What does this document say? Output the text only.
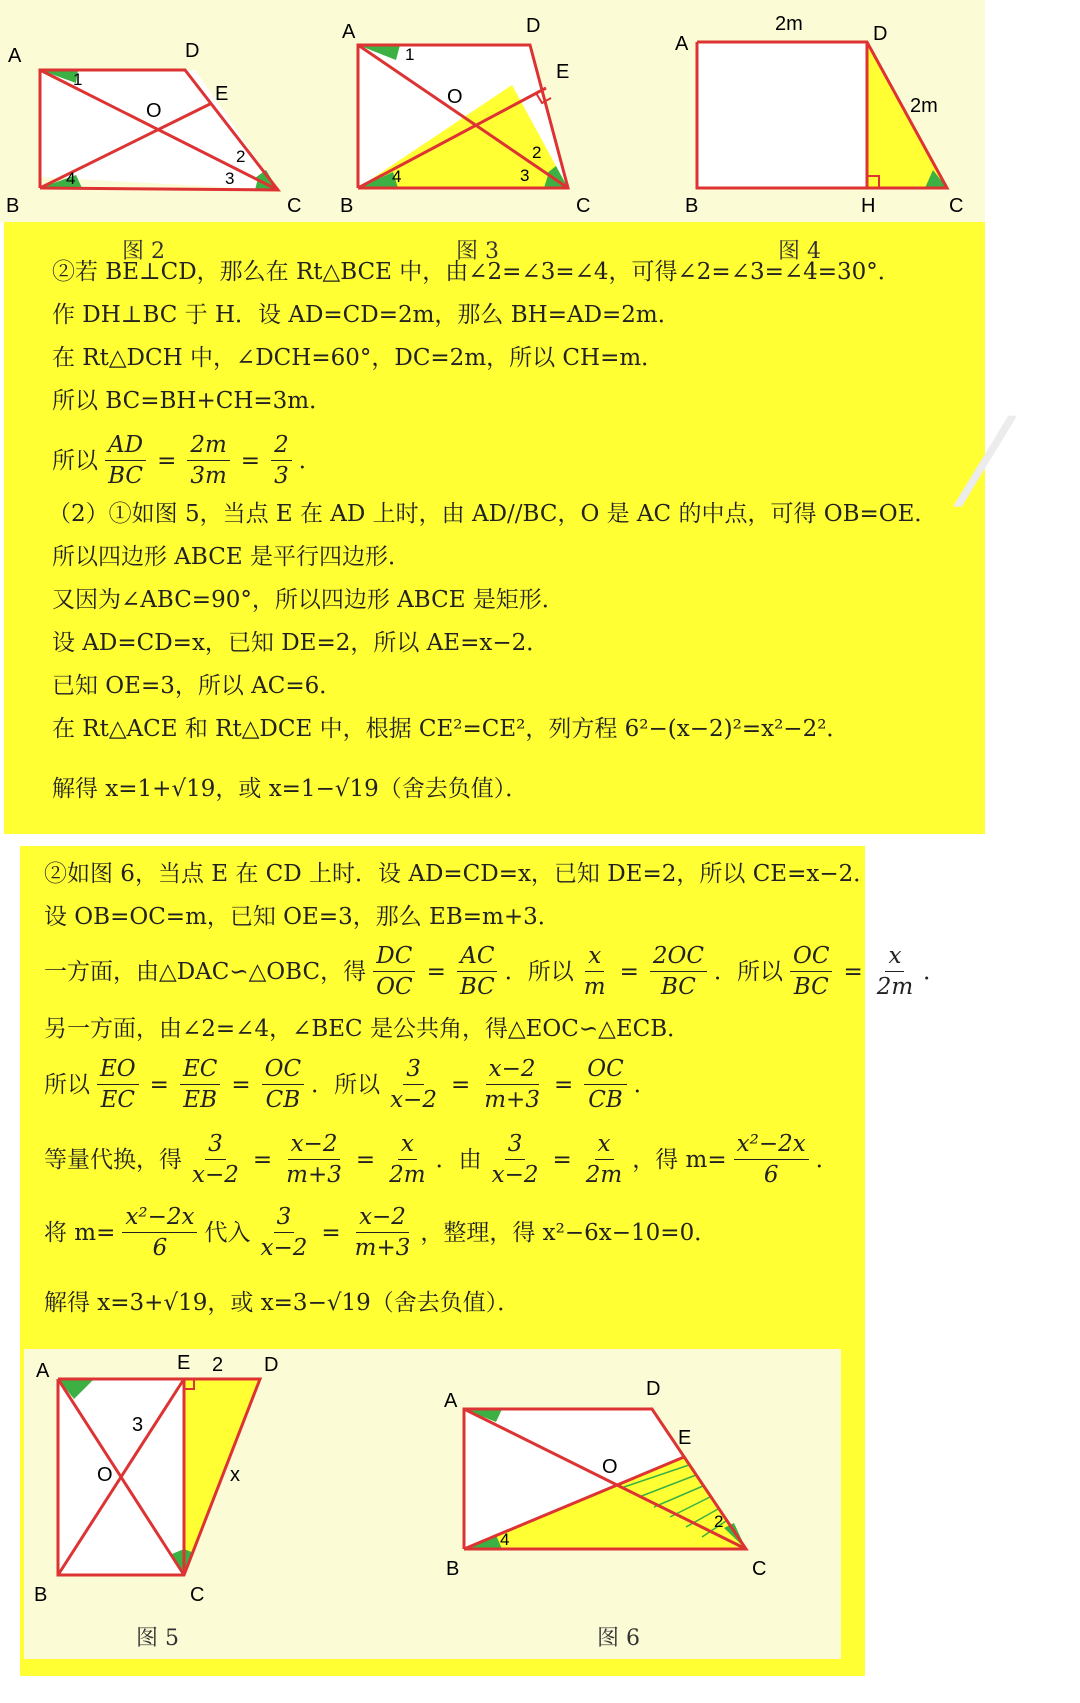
A	D
E
O
B	C
1
2
3
4
A	D
E
O
B	C
1
2
3
4
A	D
2m
2m
B	H	C
图 2	图 3	图 4
②若 BE⊥CD，那么在 Rt△BCE 中，由∠2=∠3=∠4，可得∠2=∠3=∠4=30°．
作 DH⊥BC 于 H．设 AD=CD=2m，那么 BH=AD=2m．
在 Rt△DCH 中，∠DCH=60°，DC=2m，所以 CH=m．
所以 BC=BH+CH=3m．
所以 $\frac{AD}{BC} = \frac{2m}{3m} = \frac{2}{3}$ ．
（2）①如图 5，当点 E 在 AD 上时，由 AD//BC，O 是 AC 的中点，可得 OB=OE．
所以四边形 ABCE 是平行四边形．
又因为∠ABC=90°，所以四边形 ABCE 是矩形．
设 AD=CD=x，已知 DE=2，所以 AE=x−2．
已知 OE=3，所以 AC=6．
在 Rt△ACE 和 Rt△DCE 中，根据 CE²=CE²，列方程 6²−(x−2)²=x²−2²．
解得 x=1+√19，或 x=1−√19（舍去负值）．
⁄
②如图 6，当点 E 在 CD 上时．设 AD=CD=x，已知 DE=2，所以 CE=x−2．
设 OB=OC=m，已知 OE=3，那么 EB=m+3．
一方面，由△DAC∽△OBC，得 $\frac{DC}{OC} = \frac{AC}{BC}$ ．所以 $\frac{x}{m} = \frac{2OC}{BC}$ ．所以 $\frac{OC}{BC} = \frac{x}{2m}$ ．
另一方面，由∠2=∠4，∠BEC 是公共角，得△EOC∽△ECB．
所以 $\frac{EO}{EC} = \frac{EC}{EB} = \frac{OC}{CB}$ ．所以 $\frac{3}{x-2} = \frac{x-2}{m+3} = \frac{OC}{CB}$ ．
等量代换，得 $\frac{3}{x-2} = \frac{x-2}{m+3} = \frac{x}{2m}$ ．由 $\frac{3}{x-2} = \frac{x}{2m}$ ，得 $m= \frac{\text{x²−2x}}{6}$ ．
将 $m= \frac{\text{x²−2x}}{6}$ 代入 $\frac{3}{x-2} = \frac{x-2}{m+3}$ ，整理，得 x²−6x−10=0．
解得 x=3+√19，或 x=3−√19（舍去负值）．
A	E 2 D
3
O	x
B	C
A
D
E
O
B	C
2
4
图 5	图 6
